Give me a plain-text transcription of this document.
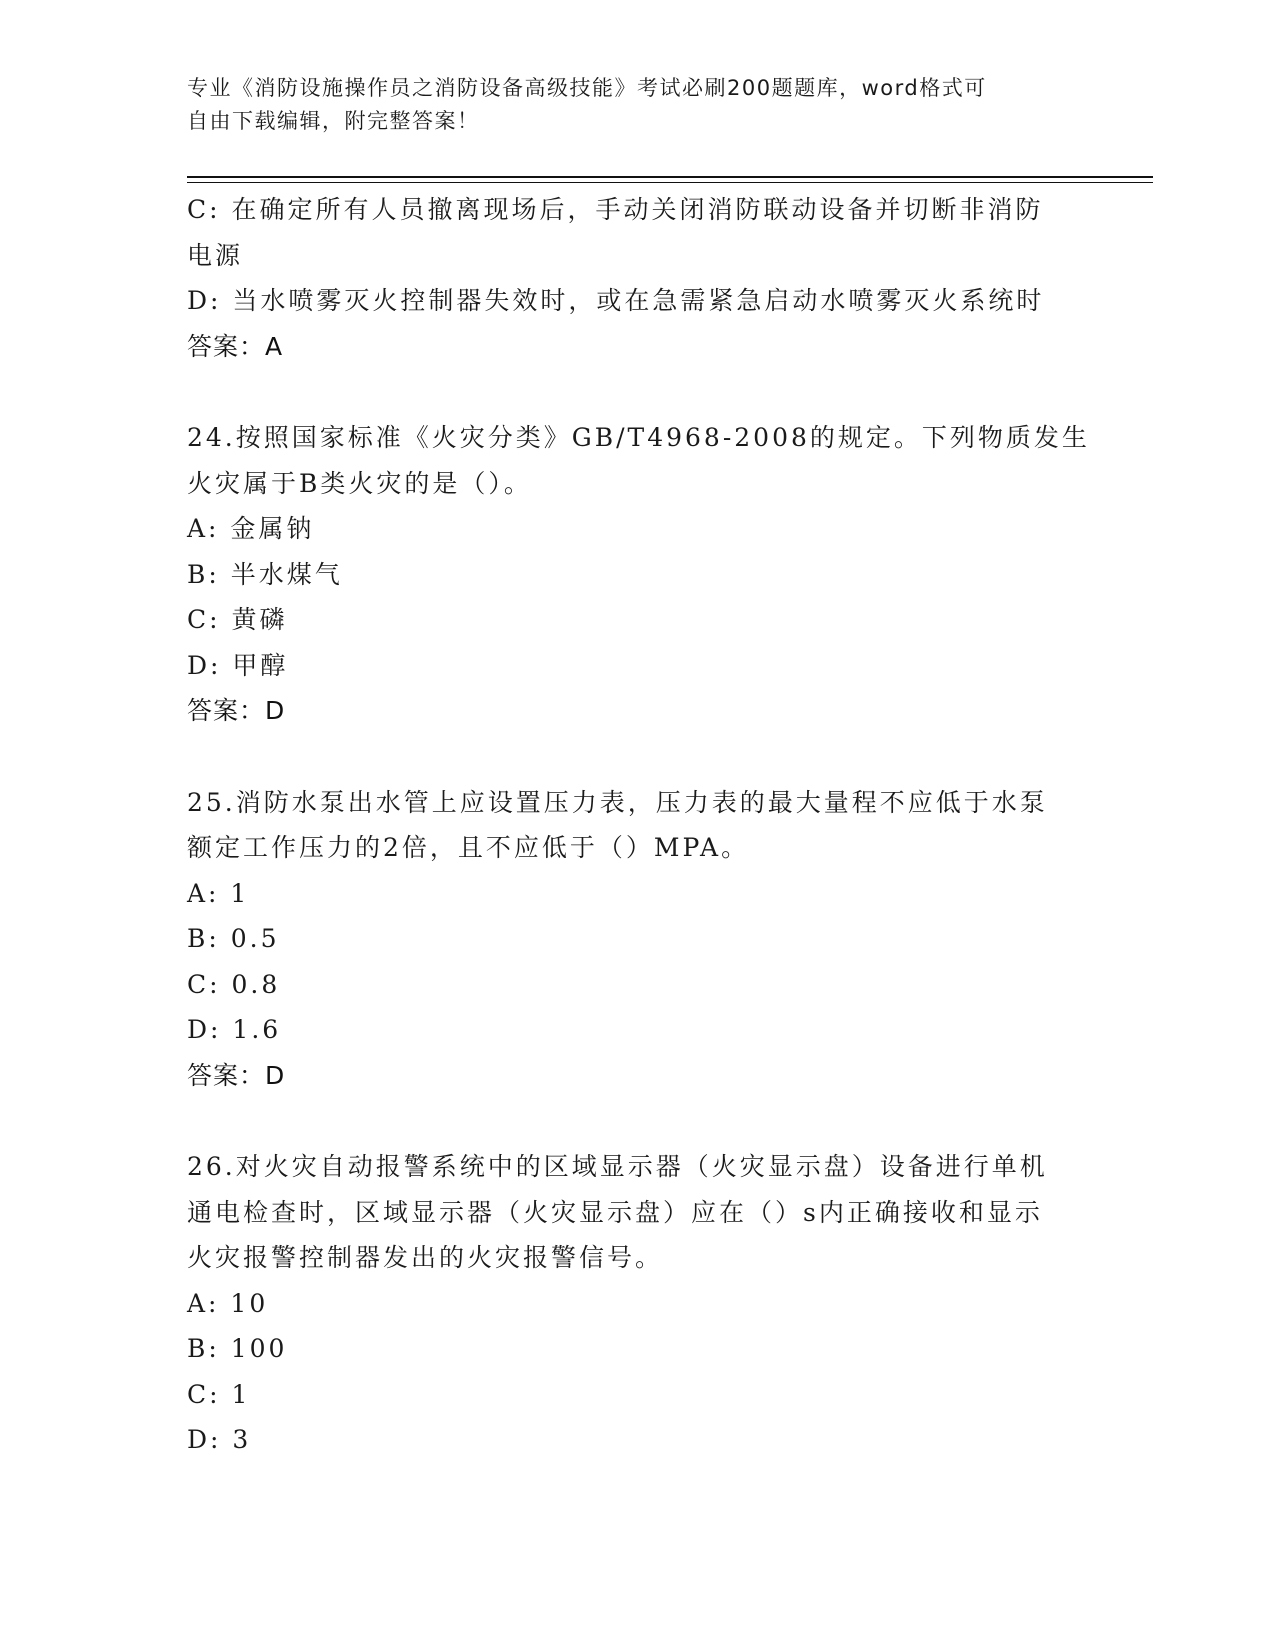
专业《消防设施操作员之消防设备高级技能》考试必刷200题题库，word格式可
自由下载编辑，附完整答案！

C: 在确定所有人员撤离现场后，手动关闭消防联动设备并切断非消防

电源

D: 当水喷雾灭火控制器失效时，或在急需紧急启动水喷雾灭火系统时

答案：A

24.按照国家标准《火灾分类》GB/T4968-2008的规定。下列物质发生

火灾属于B类火灾的是（）。

A: 金属钠

B: 半水煤气

C: 黄磷

D: 甲醇

答案：D

25.消防水泵出水管上应设置压力表，压力表的最大量程不应低于水泵

额定工作压力的2倍，且不应低于（）MPA。

A: 1

B: 0.5

C: 0.8

D: 1.6

答案：D

26.对火灾自动报警系统中的区域显示器（火灾显示盘）设备进行单机

通电检查时，区域显示器（火灾显示盘）应在（）s内正确接收和显示

火灾报警控制器发出的火灾报警信号。

A: 10

B: 100

C: 1

D: 3
